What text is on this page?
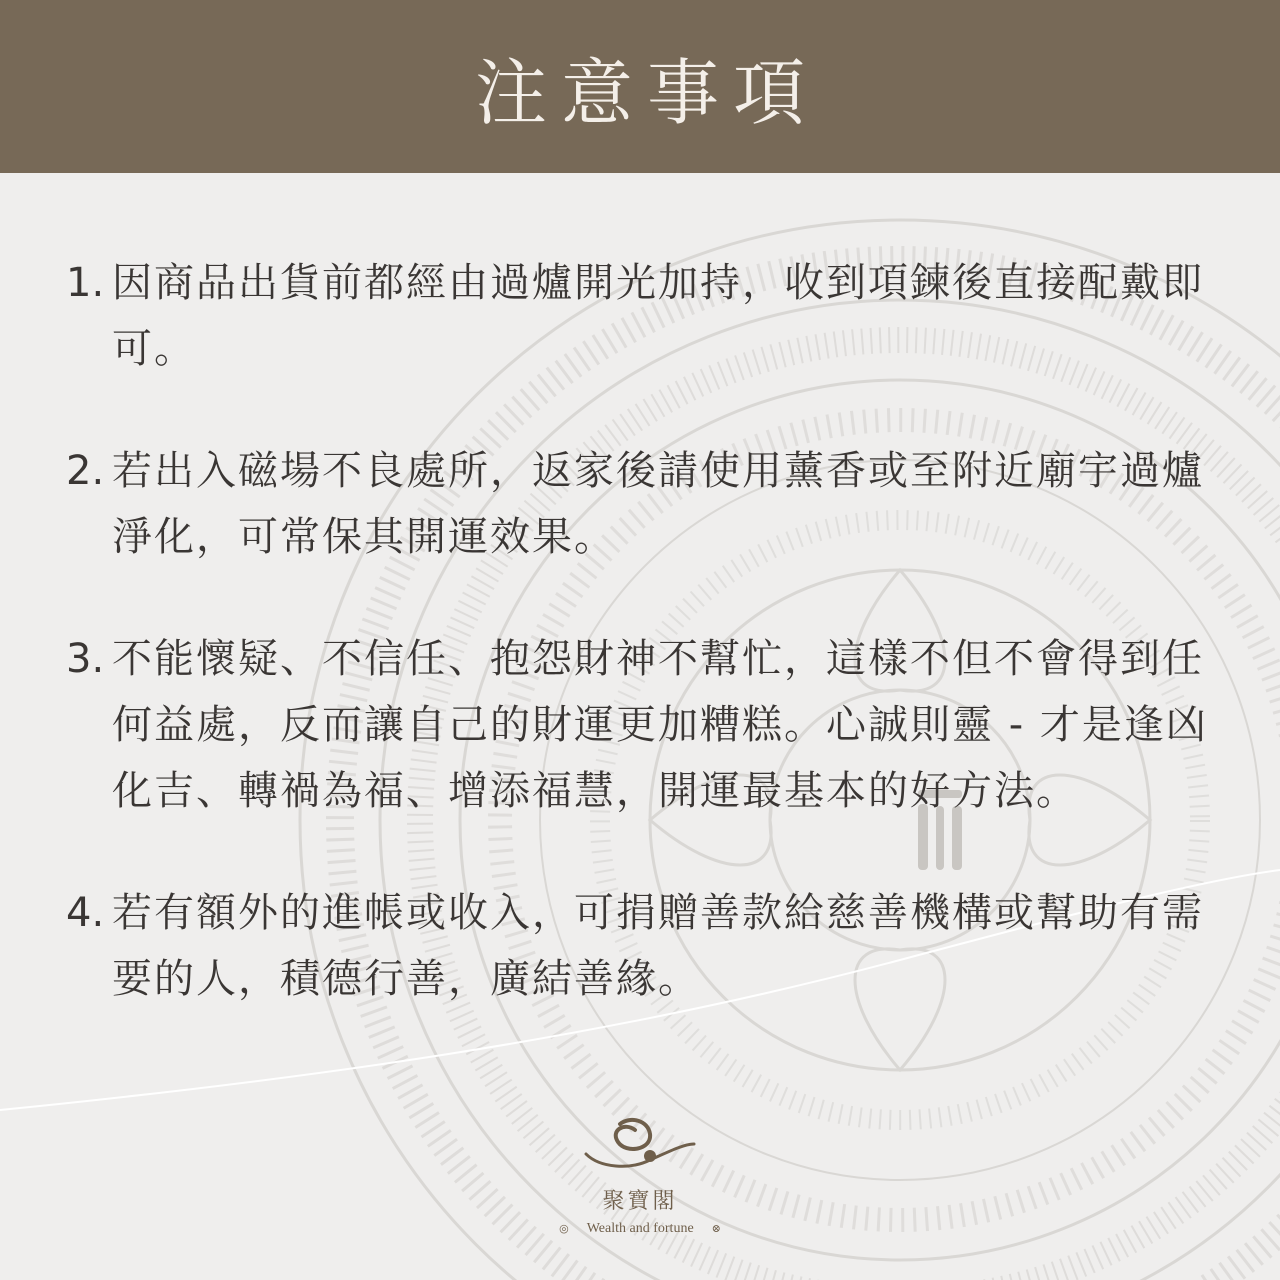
注意事項
1. 因商品出貨前都經由過爐開光加持，收到項鍊後直接配戴即可。
2. 若出入磁場不良處所，返家後請使用薰香或至附近廟宇過爐淨化，可常保其開運效果。
3. 不能懷疑、不信任、抱怨財神不幫忙，這樣不但不會得到任何益處，反而讓自己的財運更加糟糕。心誠則靈 - 才是逢凶化吉、轉禍為福、增添福慧，開運最基本的好方法。
4. 若有額外的進帳或收入，可捐贈善款給慈善機構或幫助有需要的人，積德行善，廣結善緣。
聚寶閣
◎ Wealth and fortune ⊗
